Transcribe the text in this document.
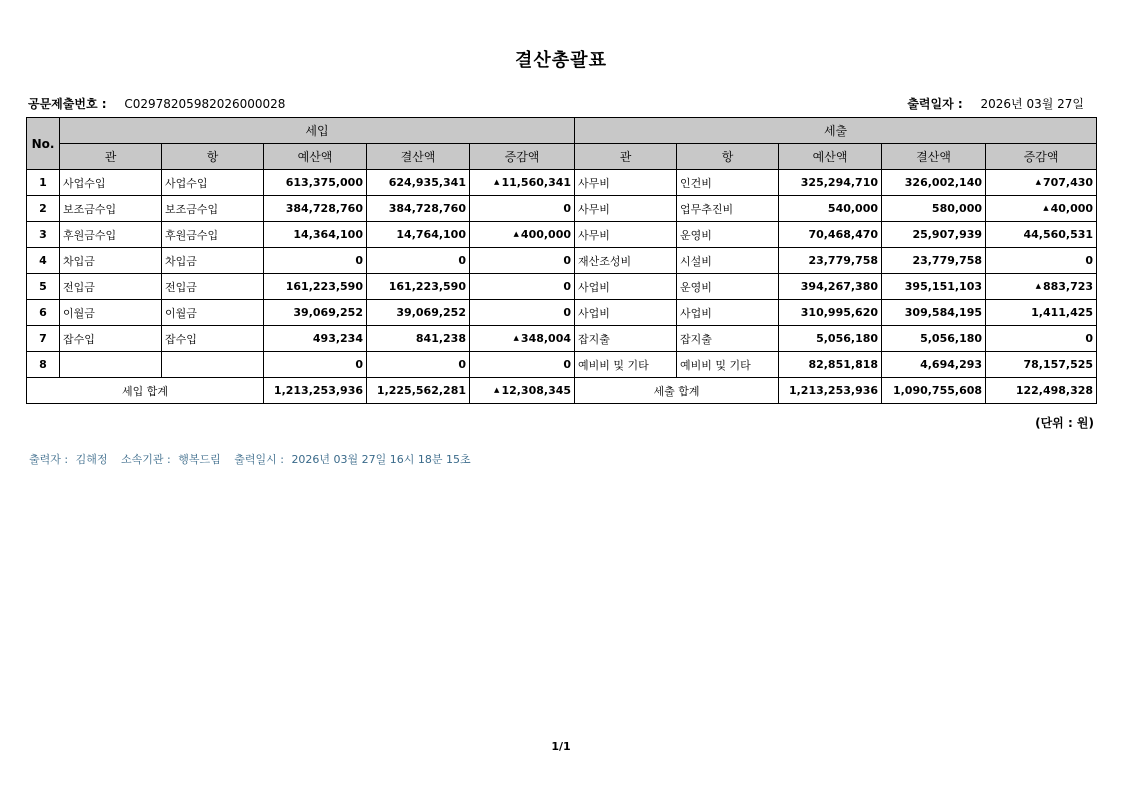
결산총괄표
공문제출번호 : C0297820598202600002​8	출력일자 : 2026년 03월 27일
No.	세입					세출				
	관	항	예산액	결산액	증감액	관	항	예산액	결산액	증감액
1	사업수입	사업수입	613,375,000	624,935,341	▲ 11,560,341	사무비	인건비	325,294,710	326,002,140	▲ 707,430
2	보조금수입	보조금수입	384,728,760	384,728,760	0	사무비	업무추진비	540,000	580,000	▲ 40,000
3	후원금수입	후원금수입	14,364,100	14,764,100	▲ 400,000	사무비	운영비	70,468,470	25,907,939	44,560,531
4	차입금	차입금	0	0	0	재산조성비	시설비	23,779,758	23,779,758	0
5	전입금	전입금	161,223,590	161,223,590	0	사업비	운영비	394,267,380	395,151,103	▲ 883,723
6	이월금	이월금	39,069,252	39,069,252	0	사업비	사업비	310,995,620	309,584,195	1,411,425
7	잡수입	잡수입	493,234	841,238	▲ 348,004	잡지출	잡지출	5,056,180	5,056,180	0
8			0	0	0	예비비 및 기타	예비비 및 기타	82,851,818	4,694,293	78,157,525
세입 합계			1,213,253,936	1,225,562,281	▲ 12,308,345	세출 합계		1,213,253,936	1,090,755,608	122,498,328
(단위 : 원)
출력자 : 김해정 소속기관 : 행복드림 출력일시 : 2026년 03월 27일 16시 18분 15초
1/1
